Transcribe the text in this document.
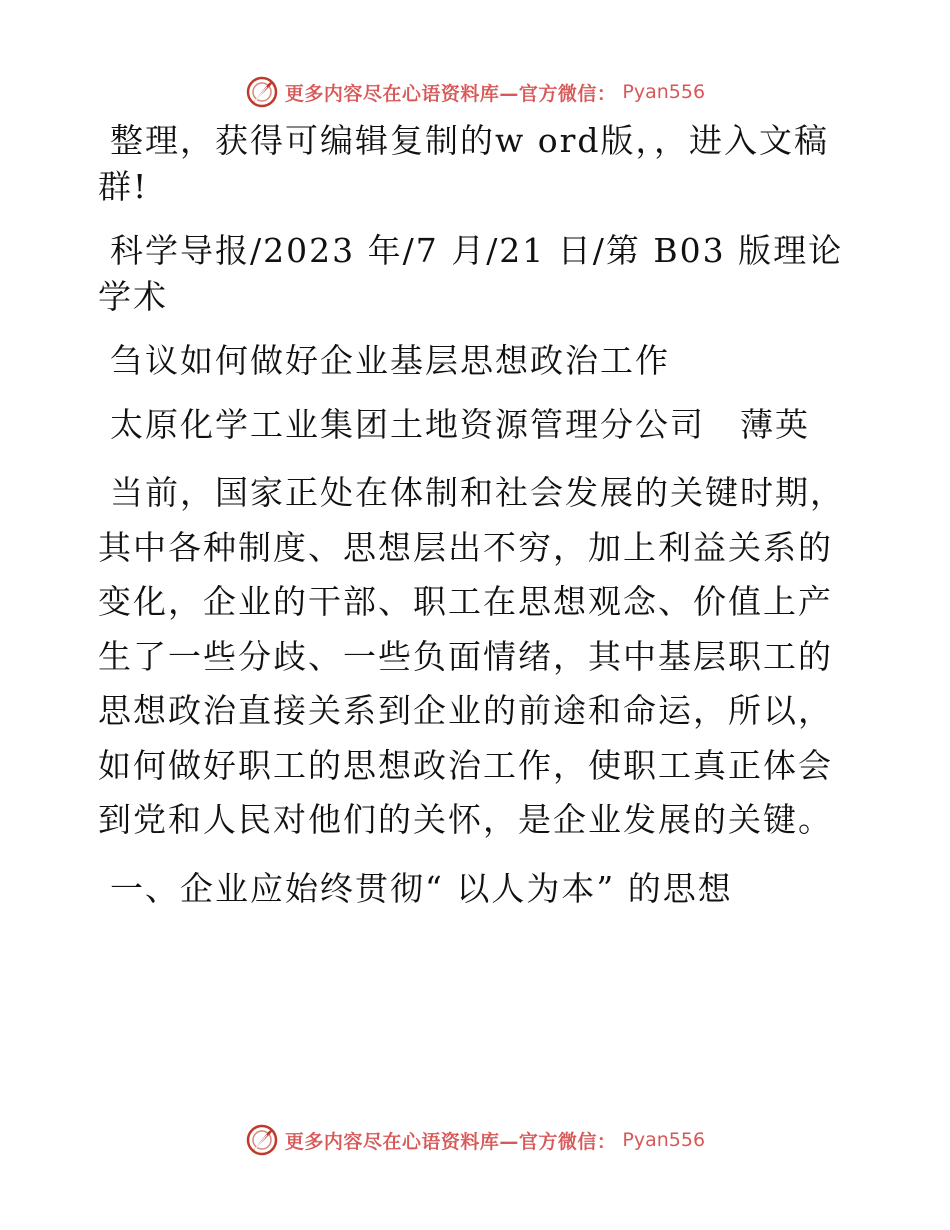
更多内容尽在心语资料库—官方微信： Pyan556

整理，获得可编辑复制的w ord版，，进入文稿群!

科学导报/2023 年/7 月/21 日/第 B03 版理论学术

刍议如何做好企业基层思想政治工作

太原化学工业集团土地资源管理分公司　薄英

当前，国家正处在体制和社会发展的关键时期，其中各种制度、思想层出不穷，加上利益关系的变化，企业的干部、职工在思想观念、价值上产生了一些分歧、一些负面情绪，其中基层职工的思想政治直接关系到企业的前途和命运，所以，如何做好职工的思想政治工作，使职工真正体会到党和人民对他们的关怀，是企业发展的关键。

一、企业应始终贯彻“ 以人为本” 的思想

更多内容尽在心语资料库—官方微信： Pyan556
